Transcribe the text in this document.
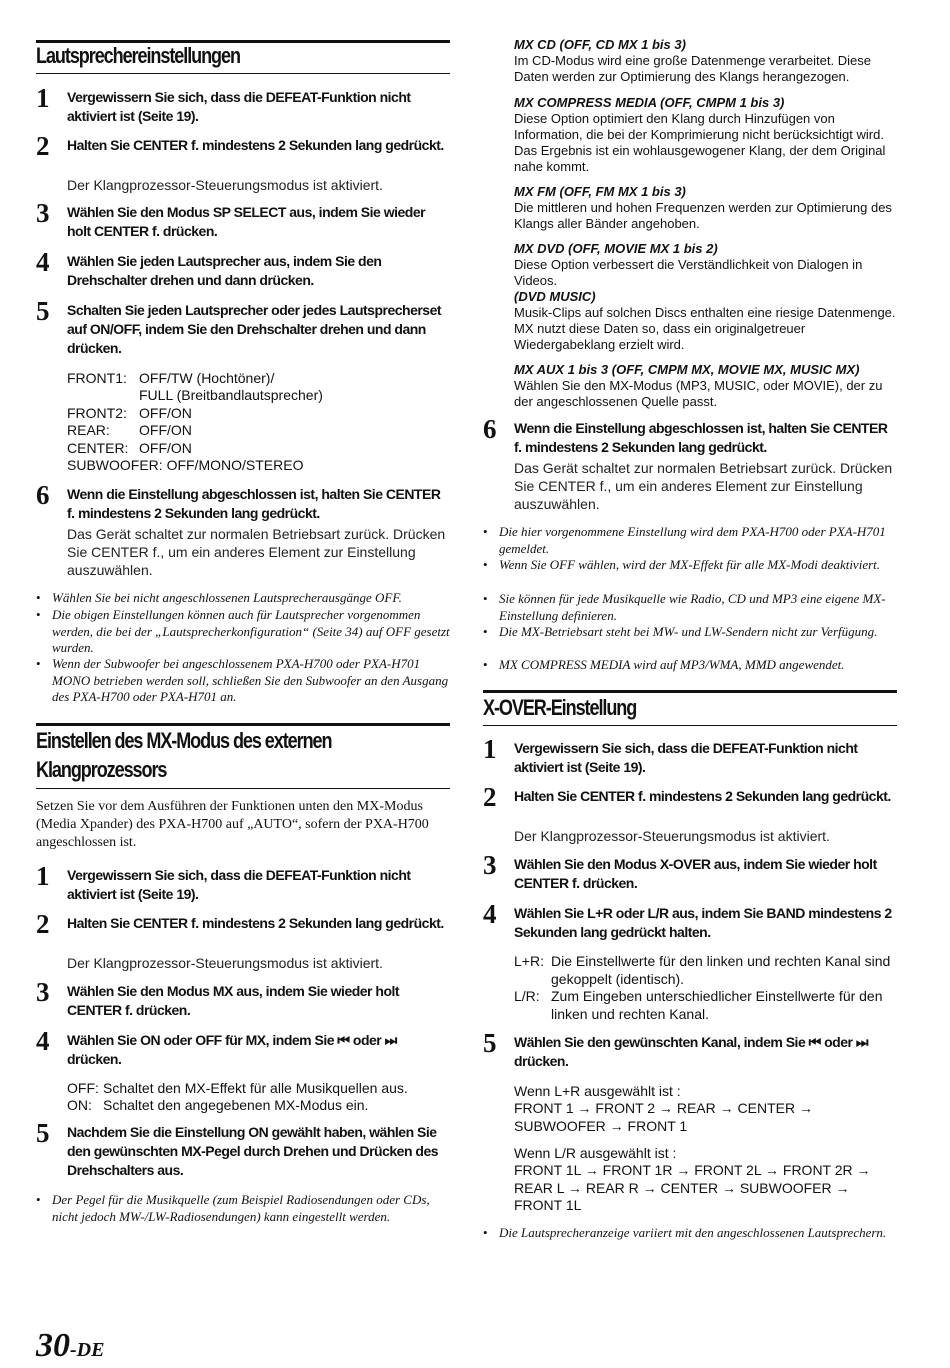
Lautsprechereinstellungen
1 Vergewissern Sie sich, dass die DEFEAT-Funktion nicht aktiviert ist (Seite 19).
2 Halten Sie CENTER f. mindestens 2 Sekunden lang gedrückt.
Der Klangprozessor-Steuerungsmodus ist aktiviert.
3 Wählen Sie den Modus SP SELECT aus, indem Sie wieder holt CENTER f. drücken.
4 Wählen Sie jeden Lautsprecher aus, indem Sie den Drehschalter drehen und dann drücken.
5 Schalten Sie jeden Lautsprecher oder jedes Lautsprecherset auf ON/OFF, indem Sie den Drehschalter drehen und dann drücken.
FRONT1: OFF/TW (Hochtöner)/
FULL (Breitbandlautsprecher)
FRONT2: OFF/ON
REAR: OFF/ON
CENTER: OFF/ON
SUBWOOFER: OFF/MONO/STEREO
6 Wenn die Einstellung abgeschlossen ist, halten Sie CENTER f. mindestens 2 Sekunden lang gedrückt.
Das Gerät schaltet zur normalen Betriebsart zurück. Drücken Sie CENTER f., um ein anderes Element zur Einstellung auszuwählen.
• Wählen Sie bei nicht angeschlossenen Lautsprecherausgänge OFF.
• Die obigen Einstellungen können auch für Lautsprecher vorgenommen werden, die bei der „Lautsprecherkonfiguration“ (Seite 34) auf OFF gesetzt wurden.
• Wenn der Subwoofer bei angeschlossenem PXA-H700 oder PXA-H701 MONO betrieben werden soll, schließen Sie den Subwoofer an den Ausgang des PXA-H700 oder PXA-H701 an.
Einstellen des MX-Modus des externen
Klangprozessors
Setzen Sie vor dem Ausführen der Funktionen unten den MX-Modus (Media Xpander) des PXA-H700 auf „AUTO“, sofern der PXA-H700 angeschlossen ist.
1 Vergewissern Sie sich, dass die DEFEAT-Funktion nicht aktiviert ist (Seite 19).
2 Halten Sie CENTER f. mindestens 2 Sekunden lang gedrückt.
Der Klangprozessor-Steuerungsmodus ist aktiviert.
3 Wählen Sie den Modus MX aus, indem Sie wieder holt CENTER f. drücken.
4 Wählen Sie ON oder OFF für MX, indem Sie ⏮ oder ⏭ drücken.
OFF: Schaltet den MX-Effekt für alle Musikquellen aus.
ON: Schaltet den angegebenen MX-Modus ein.
5 Nachdem Sie die Einstellung ON gewählt haben, wählen Sie den gewünschten MX-Pegel durch Drehen und Drücken des Drehschalters aus.
• Der Pegel für die Musikquelle (zum Beispiel Radiosendungen oder CDs, nicht jedoch MW-/LW-Radiosendungen) kann eingestellt werden.
MX CD (OFF, CD MX 1 bis 3)
Im CD-Modus wird eine große Datenmenge verarbeitet. Diese Daten werden zur Optimierung des Klangs herangezogen.
MX COMPRESS MEDIA (OFF, CMPM 1 bis 3)
Diese Option optimiert den Klang durch Hinzufügen von Information, die bei der Komprimierung nicht berücksichtigt wird. Das Ergebnis ist ein wohlausgewogener Klang, der dem Original nahe kommt.
MX FM (OFF, FM MX 1 bis 3)
Die mittleren und hohen Frequenzen werden zur Optimierung des Klangs aller Bänder angehoben.
MX DVD (OFF, MOVIE MX 1 bis 2)
Diese Option verbessert die Verständlichkeit von Dialogen in Videos.
(DVD MUSIC)
Musik-Clips auf solchen Discs enthalten eine riesige Datenmenge. MX nutzt diese Daten so, dass ein originalgetreuer Wiedergabeklang erzielt wird.
MX AUX 1 bis 3 (OFF, CMPM MX, MOVIE MX, MUSIC MX)
Wählen Sie den MX-Modus (MP3, MUSIC, oder MOVIE), der zu der angeschlossenen Quelle passt.
6 Wenn die Einstellung abgeschlossen ist, halten Sie CENTER f. mindestens 2 Sekunden lang gedrückt.
Das Gerät schaltet zur normalen Betriebsart zurück. Drücken Sie CENTER f., um ein anderes Element zur Einstellung auszuwählen.
• Die hier vorgenommene Einstellung wird dem PXA-H700 oder PXA-H701 gemeldet.
• Wenn Sie OFF wählen, wird der MX-Effekt für alle MX-Modi deaktiviert.
• Sie können für jede Musikquelle wie Radio, CD und MP3 eine eigene MX-Einstellung definieren.
• Die MX-Betriebsart steht bei MW- und LW-Sendern nicht zur Verfügung.
• MX COMPRESS MEDIA wird auf MP3/WMA, MMD angewendet.
X-OVER-Einstellung
1 Vergewissern Sie sich, dass die DEFEAT-Funktion nicht aktiviert ist (Seite 19).
2 Halten Sie CENTER f. mindestens 2 Sekunden lang gedrückt.
Der Klangprozessor-Steuerungsmodus ist aktiviert.
3 Wählen Sie den Modus X-OVER aus, indem Sie wieder holt CENTER f. drücken.
4 Wählen Sie L+R oder L/R aus, indem Sie BAND mindestens 2 Sekunden lang gedrückt halten.
L+R: Die Einstellwerte für den linken und rechten Kanal sind gekoppelt (identisch).
L/R: Zum Eingeben unterschiedlicher Einstellwerte für den linken und rechten Kanal.
5 Wählen Sie den gewünschten Kanal, indem Sie ⏮ oder ⏭ drücken.
Wenn L+R ausgewählt ist :
FRONT 1 → FRONT 2 → REAR → CENTER → SUBWOOFER → FRONT 1
Wenn L/R ausgewählt ist :
FRONT 1L → FRONT 1R → FRONT 2L → FRONT 2R → REAR L → REAR R → CENTER → SUBWOOFER → FRONT 1L
• Die Lautsprecheranzeige variiert mit den angeschlossenen Lautsprechern.
30-DE
